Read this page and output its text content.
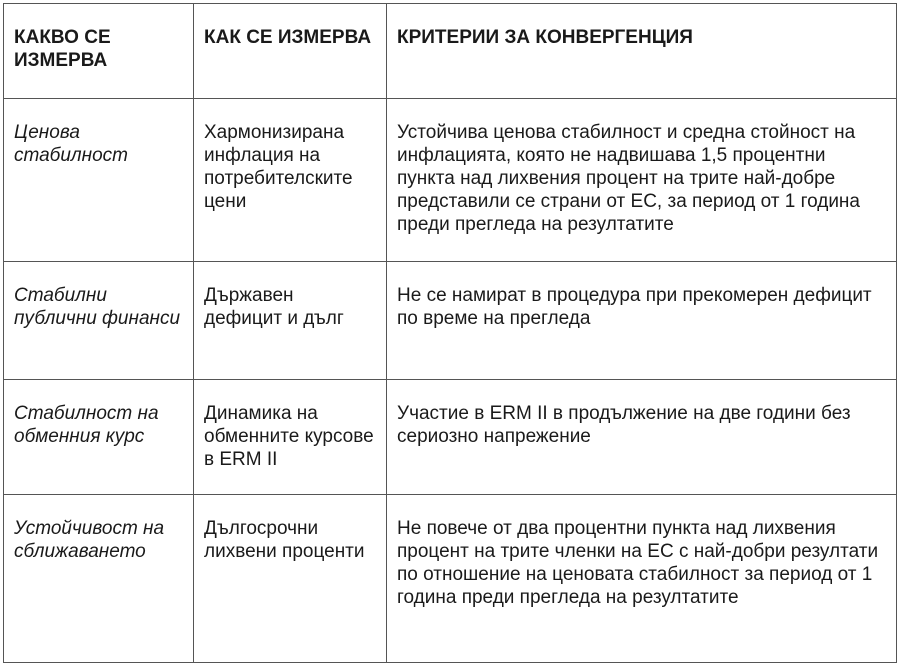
КАКВО СЕ ИЗМЕРВА	КАК СЕ ИЗМЕРВА	КРИТЕРИИ ЗА КОНВЕРГЕНЦИЯ

Ценова стабилност	Хармонизирана инфлация на потребителските цени	Устойчива ценова стабилност и средна стойност на инфлацията, която не надвишава 1,5 процентни пункта над лихвения процент на трите най-добре представили се страни от ЕС, за период от 1 година преди прегледа на резултатите

Стабилни публични финанси	Държавен дефицит и дълг	Не се намират в процедура при прекомерен дефицит по време на прегледа

Стабилност на обменния курс	Динамика на обменните курсове в ERM II	Участие в ERM II в продължение на две години без сериозно напрежение

Устойчивост на сближаването	Дългосрочни лихвени проценти	Не повече от два процентни пункта над лихвения процент на трите членки на ЕС с най-добри резултати по отношение на ценовата стабилност за период от 1 година преди прегледа на резултатите
